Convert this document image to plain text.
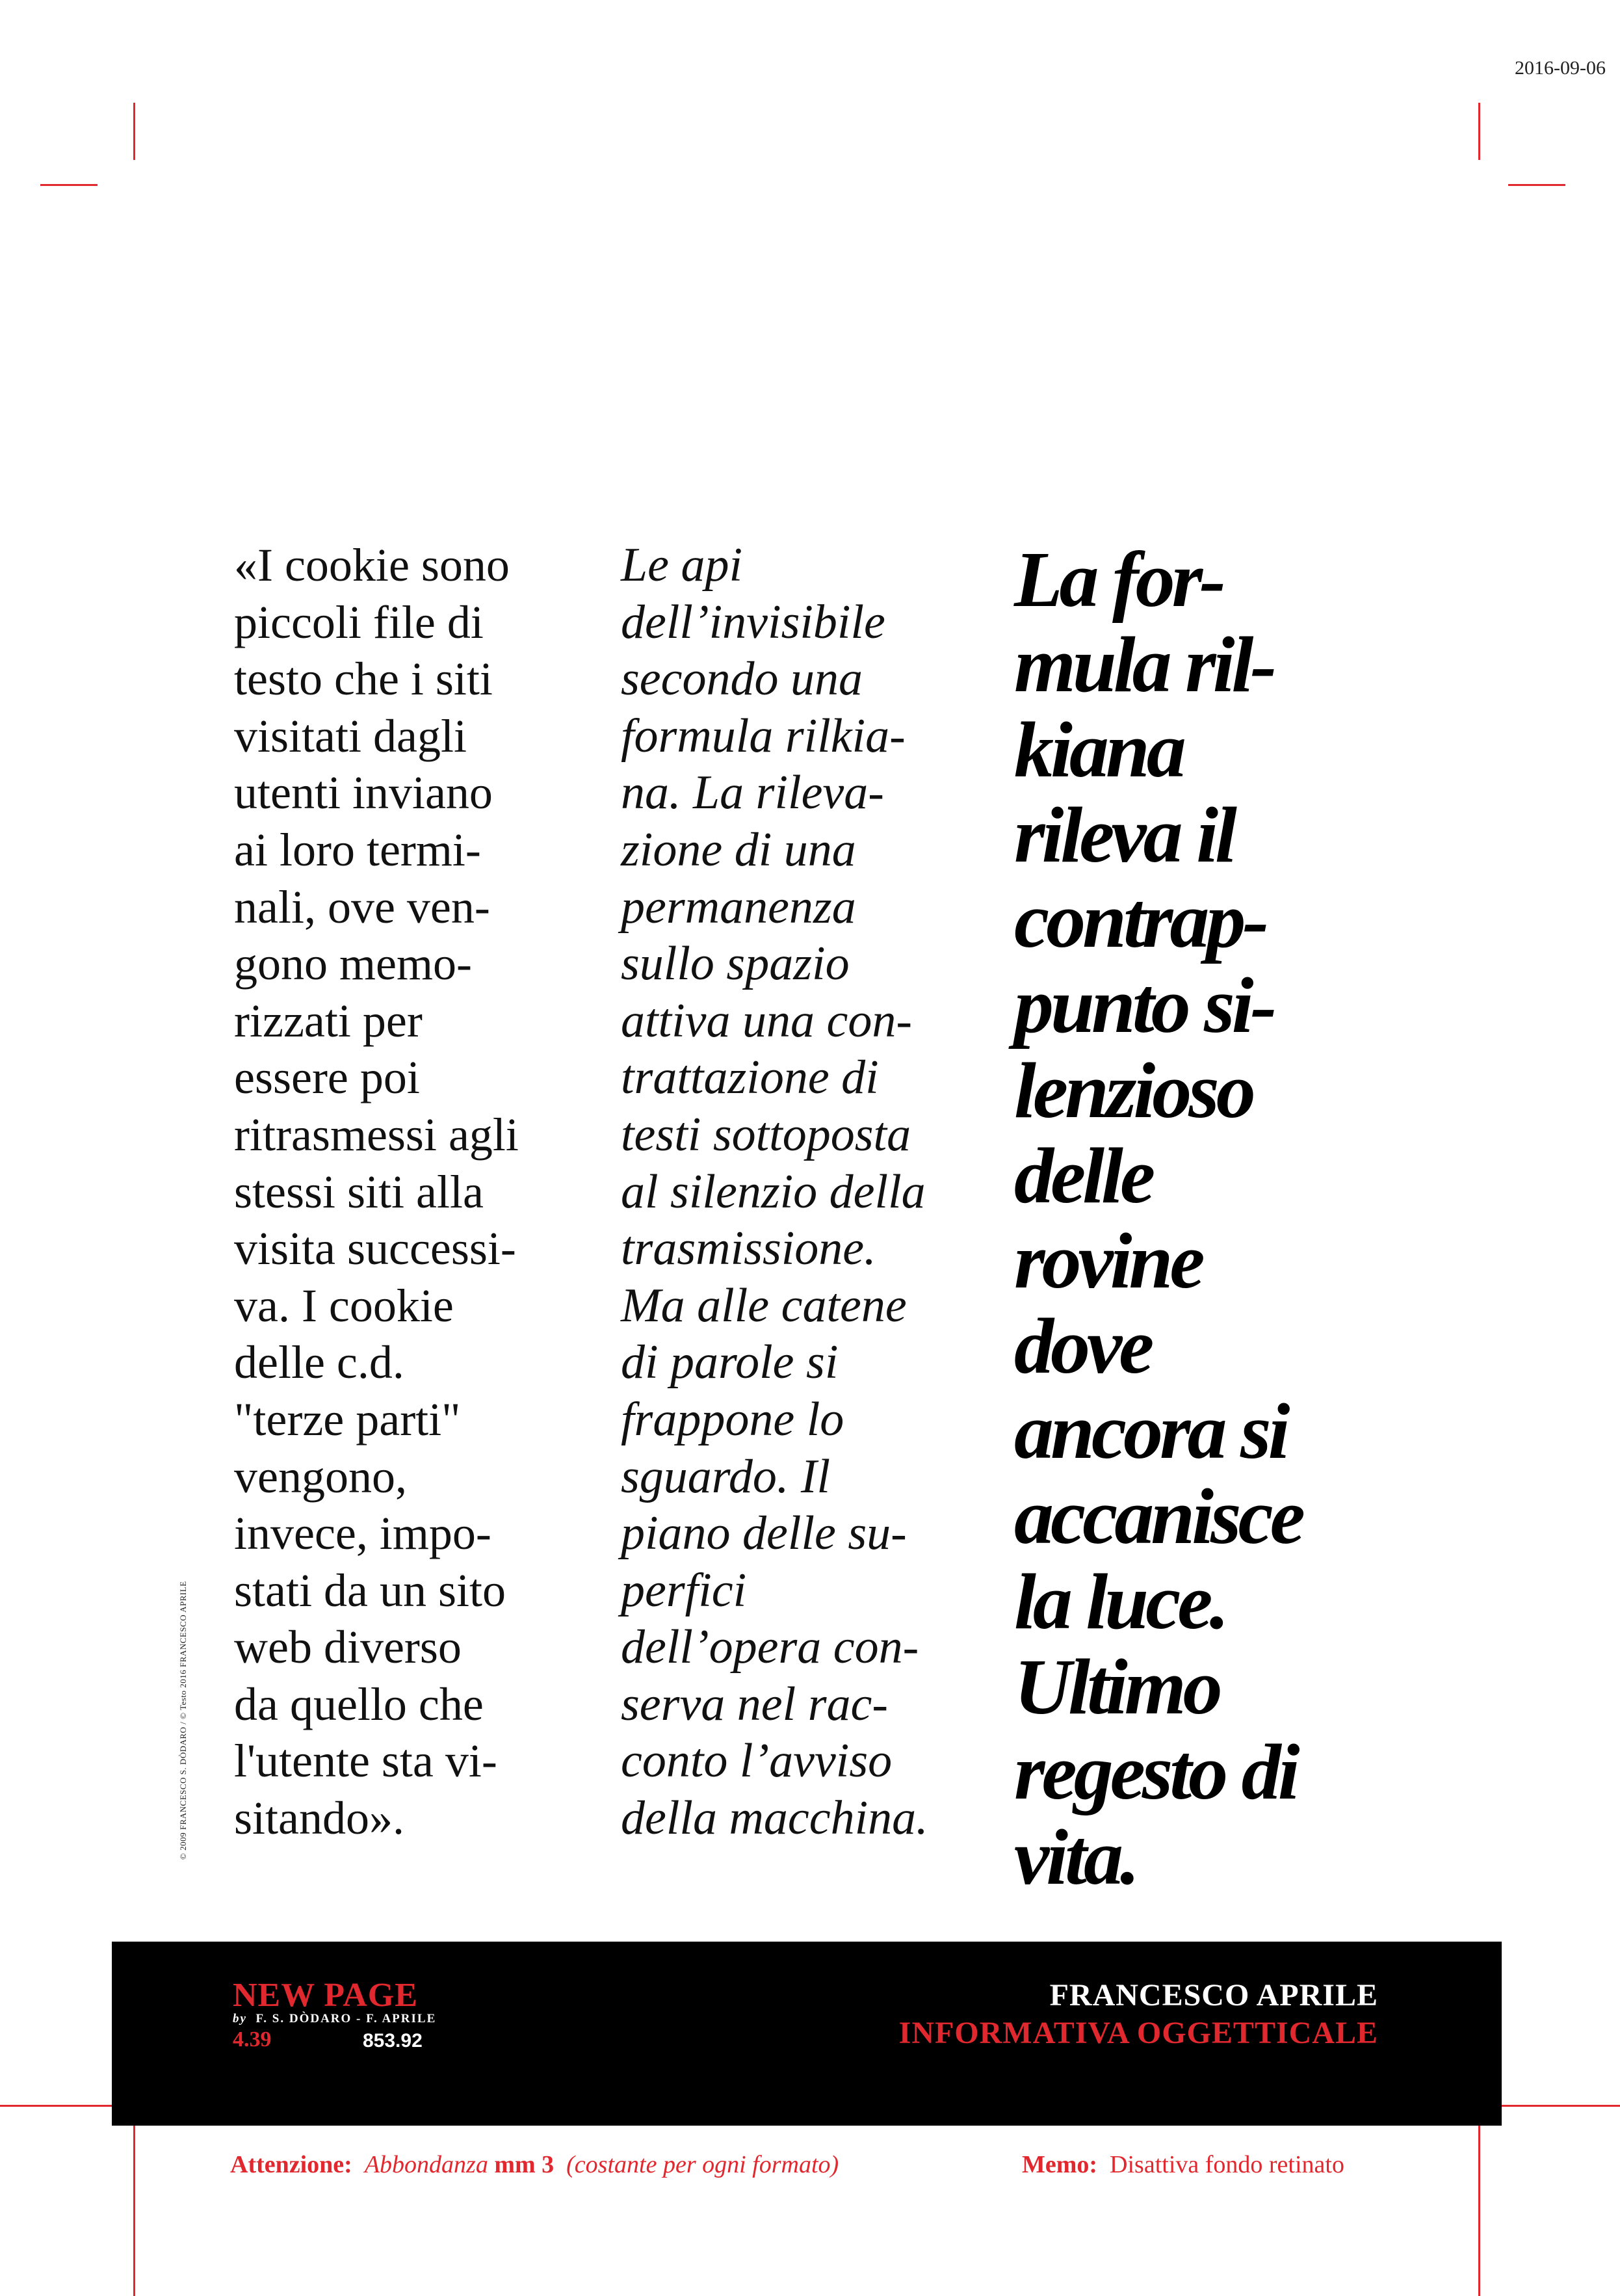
2016-09-06
© 2009 FRANCESCO S. DÒDARO / © Testo 2016 FRANCESCO APRILE
«I cookie sono
piccoli file di
testo che i siti
visitati dagli
utenti inviano
ai loro termi-
nali, ove ven-
gono memo-
rizzati per
essere poi
ritrasmessi agli
stessi siti alla
visita successi-
va. I cookie
delle c.d.
"terze parti"
vengono,
invece, impo-
stati da un sito
web diverso
da quello che
l'utente sta vi-
sitando».
Le api
dell’invisibile
secondo una
formula rilkia-
na. La rileva-
zione di una
permanenza
sullo spazio
attiva una con-
trattazione di
testi sottoposta
al silenzio della
trasmissione.
Ma alle catene
di parole si
frappone lo
sguardo. Il
piano delle su-
perfici
dell’opera con-
serva nel rac-
conto l’avviso
della macchina.
La for-
mula ril-
kiana
rileva il
contrap-
punto si-
lenzioso
delle
rovine
dove
ancora si
accanisce
la luce.
Ultimo
regesto di
vita.
NEW PAGE
by F. S. DÒDARO - F. APRILE
4.39	853.92
FRANCESCO APRILE
INFORMATIVA OGGETTICALE
Attenzione: Abbondanza mm 3 (costante per ogni formato)	Memo: Disattiva fondo retinato
